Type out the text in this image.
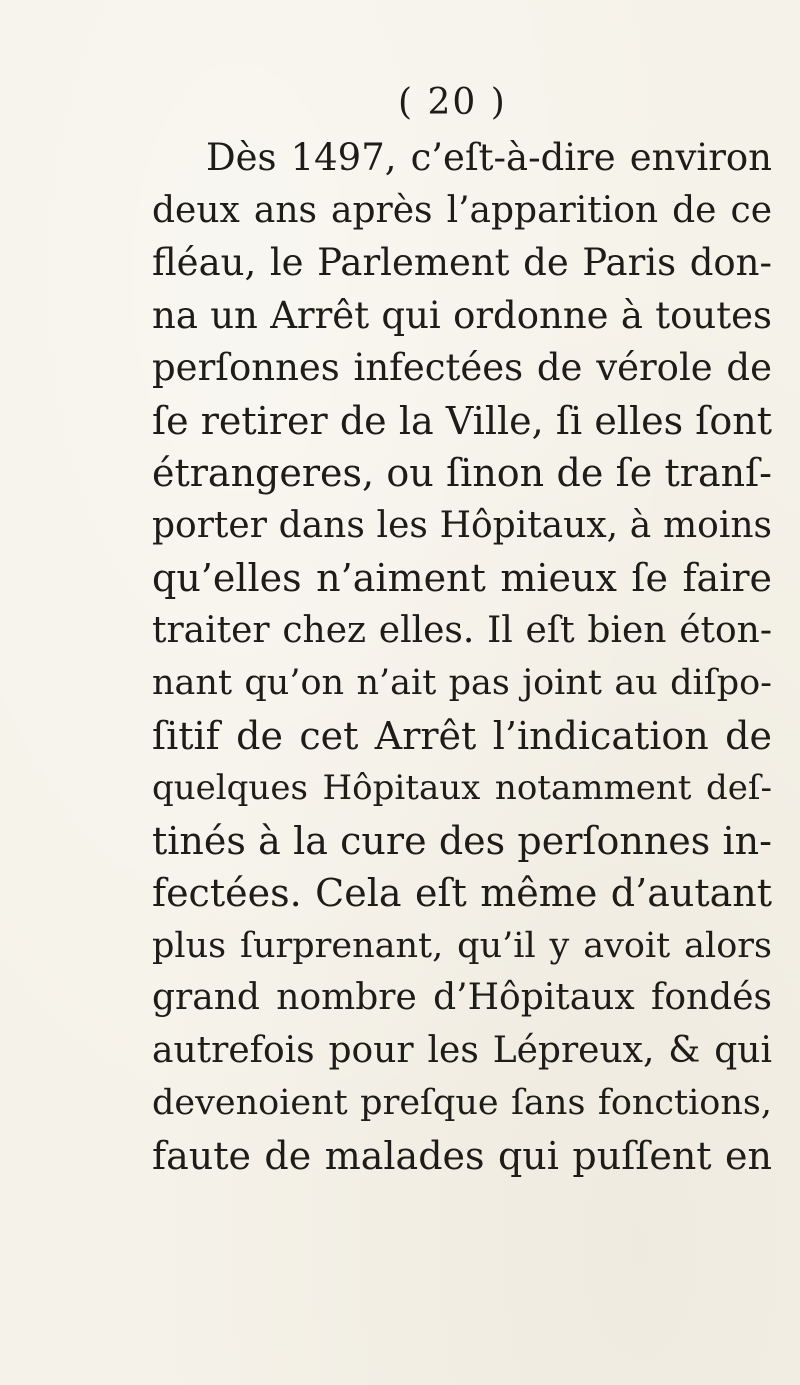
( 20 )
Dès 1497, c’eſt-à-dire environ
deux ans après l’apparition de ce
fléau, le Parlement de Paris don-
na un Arrêt qui ordonne à toutes
perſonnes infectées de vérole de
ſe retirer de la Ville, ſi elles ſont
étrangeres, ou ſinon de ſe tranſ-
porter dans les Hôpitaux, à moins
qu’elles n’aiment mieux ſe faire
traiter chez elles. Il eſt bien éton-
nant qu’on n’ait pas joint au diſpo-
ſitif de cet Arrêt l’indication de
quelques Hôpitaux notamment deſ-
tinés à la cure des perſonnes in-
fectées. Cela eſt même d’autant
plus ſurprenant, qu’il y avoit alors
grand nombre d’Hôpitaux fondés
autrefois pour les Lépreux, & qui
devenoient preſque ſans fonctions,
faute de malades qui puſſent en
